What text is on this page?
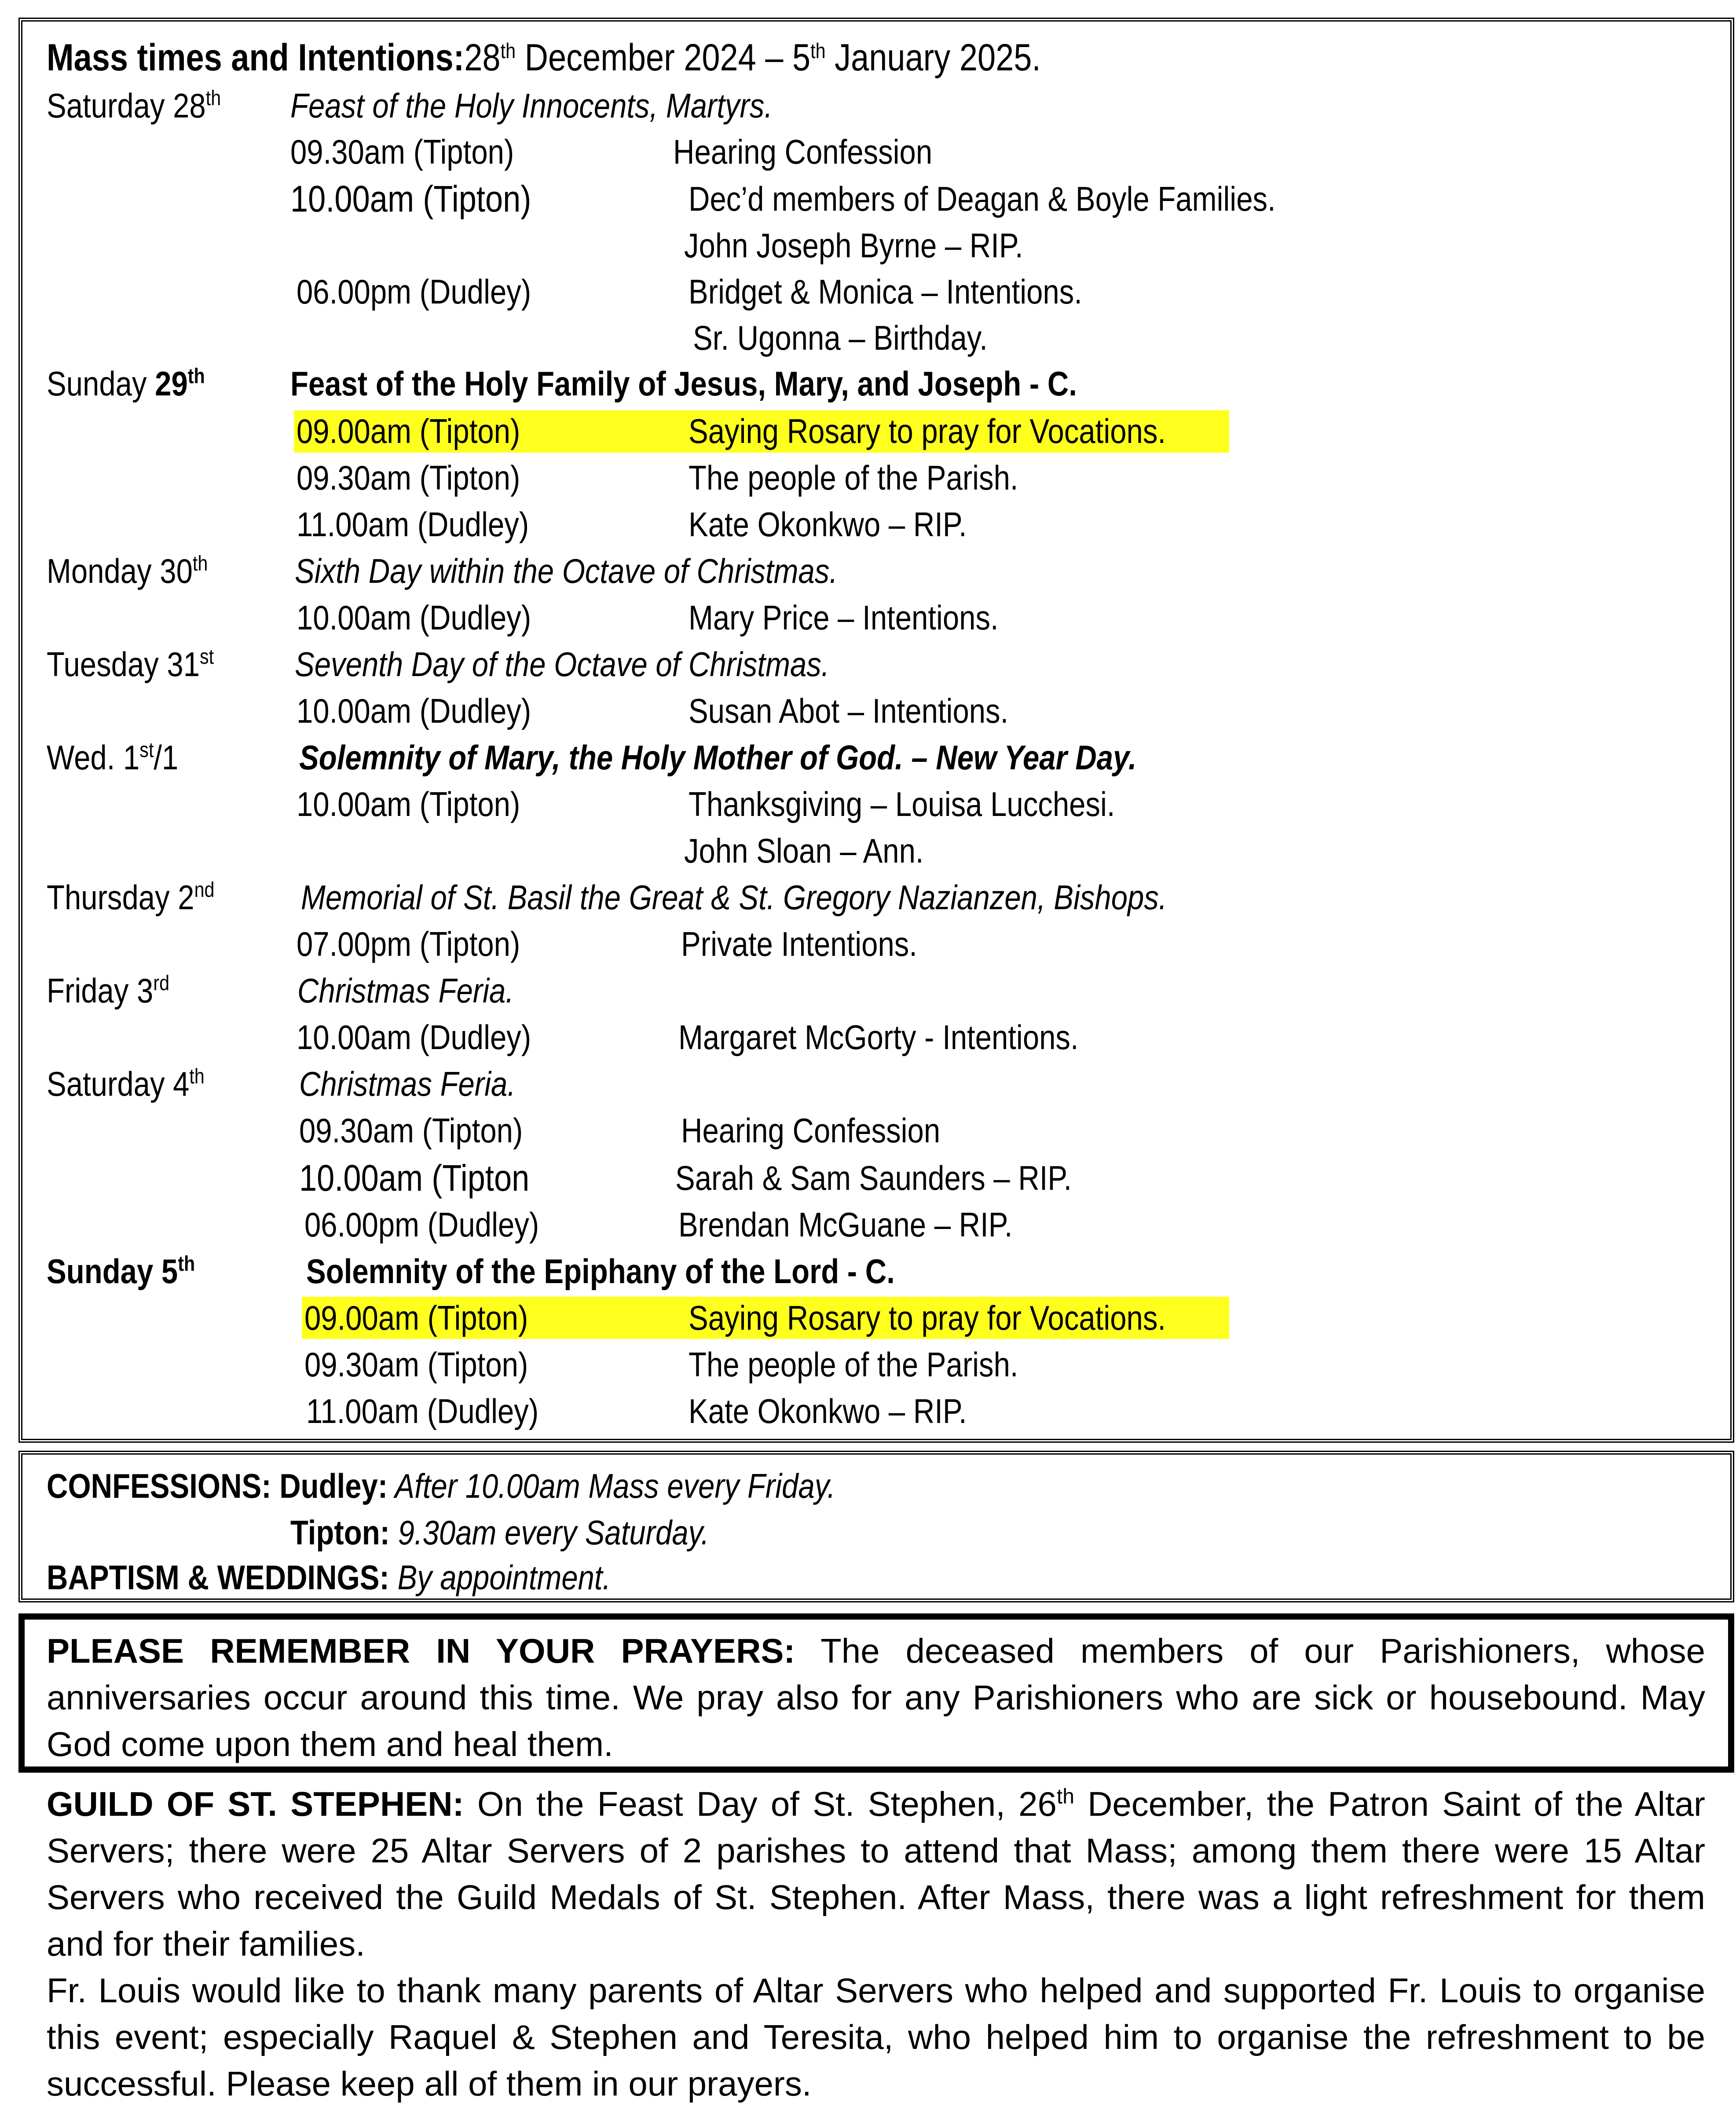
Mass times and Intentions:28th December 2024 – 5th January 2025.
Saturday 28th Feast of the Holy Innocents, Martyrs.
09.30am (Tipton)	Hearing Confession
10.00am (Tipton)	Dec’d members of Deagan & Boyle Families.
John Joseph Byrne – RIP.
06.00pm (Dudley)	Bridget & Monica – Intentions.
Sr. Ugonna – Birthday.
Sunday 29th Feast of the Holy Family of Jesus, Mary, and Joseph - C.
09.00am (Tipton)	Saying Rosary to pray for Vocations.
09.30am (Tipton)	The people of the Parish.
11.00am (Dudley)	Kate Okonkwo – RIP.
Monday 30th	Sixth Day within the Octave of Christmas.
10.00am (Dudley)	Mary Price – Intentions.
Tuesday 31st Seventh Day of the Octave of Christmas.
10.00am (Dudley)	Susan Abot – Intentions.
Wed. 1st/1	Solemnity of Mary, the Holy Mother of God. – New Year Day.
10.00am (Tipton)	Thanksgiving – Louisa Lucchesi.
John Sloan – Ann.
Thursday 2nd	Memorial of St. Basil the Great & St. Gregory Nazianzen, Bishops.
07.00pm (Tipton)	Private Intentions.
Friday 3rd	Christmas Feria.
10.00am (Dudley)	Margaret McGorty - Intentions.
Saturday 4th	Christmas Feria.
09.30am (Tipton)	Hearing Confession
10.00am (Tipton	Sarah & Sam Saunders – RIP.
06.00pm (Dudley)	Brendan McGuane – RIP.
Sunday 5th	Solemnity of the Epiphany of the Lord - C.
09.00am (Tipton)	Saying Rosary to pray for Vocations.
09.30am (Tipton)	The people of the Parish.
11.00am (Dudley)	Kate Okonkwo – RIP.
CONFESSIONS: Dudley: After 10.00am Mass every Friday.
Tipton: 9.30am every Saturday.
BAPTISM & WEDDINGS: By appointment.
PLEASE REMEMBER IN YOUR PRAYERS: The deceased members of our Parishioners, whose anniversaries occur around this time. We pray also for any Parishioners who are sick or housebound. May God come upon them and heal them.
GUILD OF ST. STEPHEN: On the Feast Day of St. Stephen, 26th December, the Patron Saint of the Altar Servers; there were 25 Altar Servers of 2 parishes to attend that Mass; among them there were 15 Altar Servers who received the Guild Medals of St. Stephen. After Mass, there was a light refreshment for them and for their families.
Fr. Louis would like to thank many parents of Altar Servers who helped and supported Fr. Louis to organise this event; especially Raquel & Stephen and Teresita, who helped him to organise the refreshment to be successful. Please keep all of them in our prayers.
